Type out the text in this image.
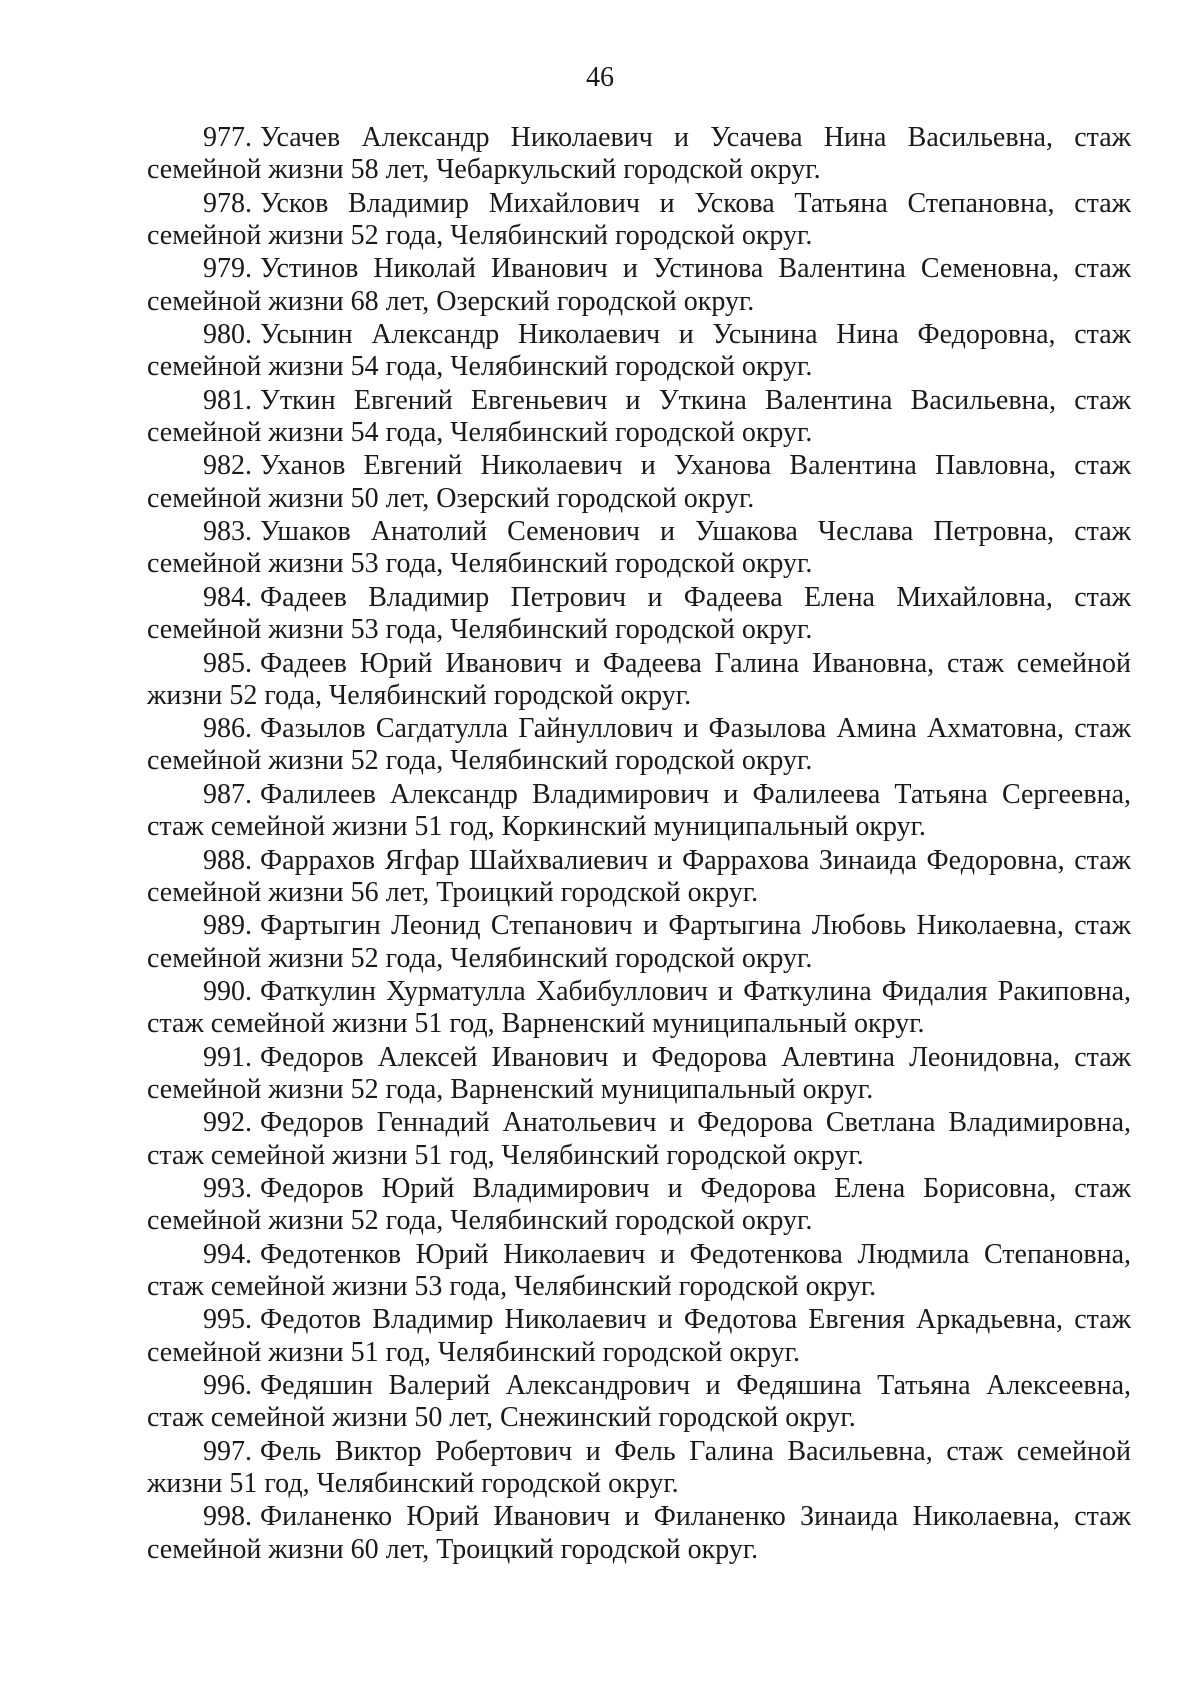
46

977. Усачев Александр Николаевич и Усачева Нина Васильевна, стаж семейной жизни 58 лет, Чебаркульский городской округ.

978. Усков Владимир Михайлович и Ускова Татьяна Степановна, стаж семейной жизни 52 года, Челябинский городской округ.

979. Устинов Николай Иванович и Устинова Валентина Семеновна, стаж семейной жизни 68 лет, Озерский городской округ.

980. Усынин Александр Николаевич и Усынина Нина Федоровна, стаж семейной жизни 54 года, Челябинский городской округ.

981. Уткин Евгений Евгеньевич и Уткина Валентина Васильевна, стаж семейной жизни 54 года, Челябинский городской округ.

982. Уханов Евгений Николаевич и Уханова Валентина Павловна, стаж семейной жизни 50 лет, Озерский городской округ.

983. Ушаков Анатолий Семенович и Ушакова Чеслава Петровна, стаж семейной жизни 53 года, Челябинский городской округ.

984. Фадеев Владимир Петрович и Фадеева Елена Михайловна, стаж семейной жизни 53 года, Челябинский городской округ.

985. Фадеев Юрий Иванович и Фадеева Галина Ивановна, стаж семейной жизни 52 года, Челябинский городской округ.

986. Фазылов Сагдатулла Гайнуллович и Фазылова Амина Ахматовна, стаж семейной жизни 52 года, Челябинский городской округ.

987. Фалилеев Александр Владимирович и Фалилеева Татьяна Сергеевна, стаж семейной жизни 51 год, Коркинский муниципальный округ.

988. Фаррахов Ягфар Шайхвалиевич и Фаррахова Зинаида Федоровна, стаж семейной жизни 56 лет, Троицкий городской округ.

989. Фартыгин Леонид Степанович и Фартыгина Любовь Николаевна, стаж семейной жизни 52 года, Челябинский городской округ.

990. Фаткулин Хурматулла Хабибуллович и Фаткулина Фидалия Ракиповна, стаж семейной жизни 51 год, Варненский муниципальный округ.

991. Федоров Алексей Иванович и Федорова Алевтина Леонидовна, стаж семейной жизни 52 года, Варненский муниципальный округ.

992. Федоров Геннадий Анатольевич и Федорова Светлана Владимировна, стаж семейной жизни 51 год, Челябинский городской округ.

993. Федоров Юрий Владимирович и Федорова Елена Борисовна, стаж семейной жизни 52 года, Челябинский городской округ.

994. Федотенков Юрий Николаевич и Федотенкова Людмила Степановна, стаж семейной жизни 53 года, Челябинский городской округ.

995. Федотов Владимир Николаевич и Федотова Евгения Аркадьевна, стаж семейной жизни 51 год, Челябинский городской округ.

996. Федяшин Валерий Александрович и Федяшина Татьяна Алексеевна, стаж семейной жизни 50 лет, Снежинский городской округ.

997. Фель Виктор Робертович и Фель Галина Васильевна, стаж семейной жизни 51 год, Челябинский городской округ.

998. Филаненко Юрий Иванович и Филаненко Зинаида Николаевна, стаж семейной жизни 60 лет, Троицкий городской округ.
